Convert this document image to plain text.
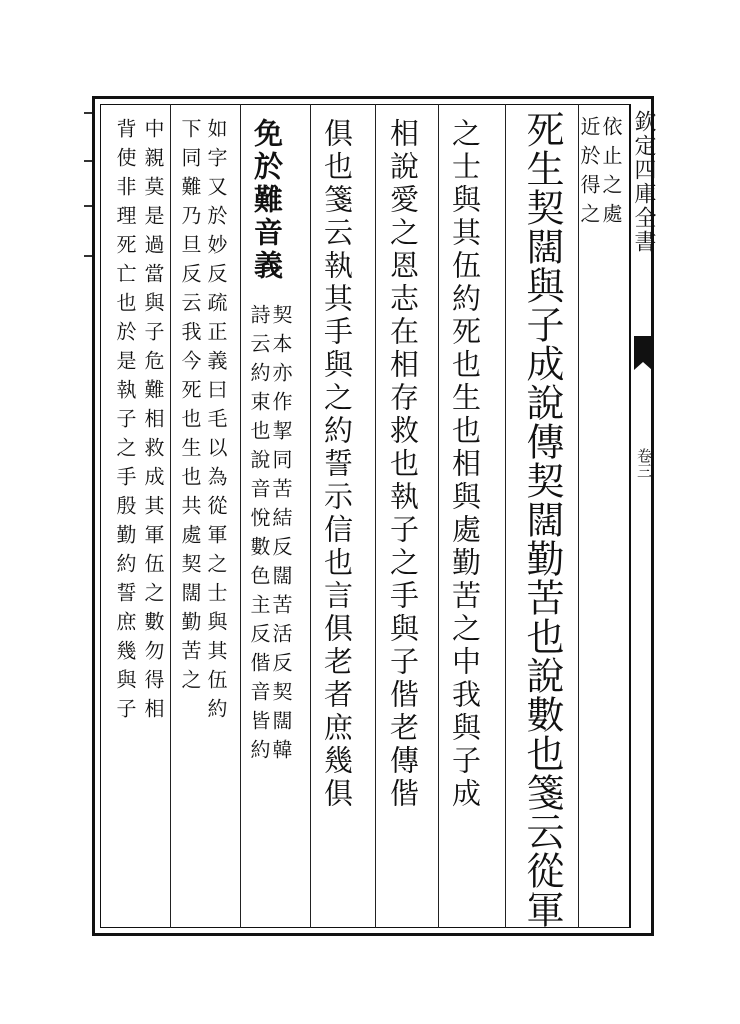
欽定四庫全書
卷三
依止之處
近於得之
死生契闊與子成說傳契闊勤苦也說數也箋云從軍
之士與其伍約死也生也相與處勤苦之中我與子成
相說愛之恩志在相存救也執子之手與子偕老傳偕
俱也箋云執其手與之約誓示信也言俱老者庶幾俱
免於難音義
契本亦作挈同苦結反闊苦活反契闊韓
詩云約束也說音悅數色主反偕音皆約
如字又於妙反疏正義曰毛以為從軍之士與其伍約
下同難乃旦反云我今死也生也共處契闊勤苦之
中親莫是過當與子危難相救成其軍伍之數勿得相
背使非理死亡也於是執子之手殷勤約誓庶幾與子
